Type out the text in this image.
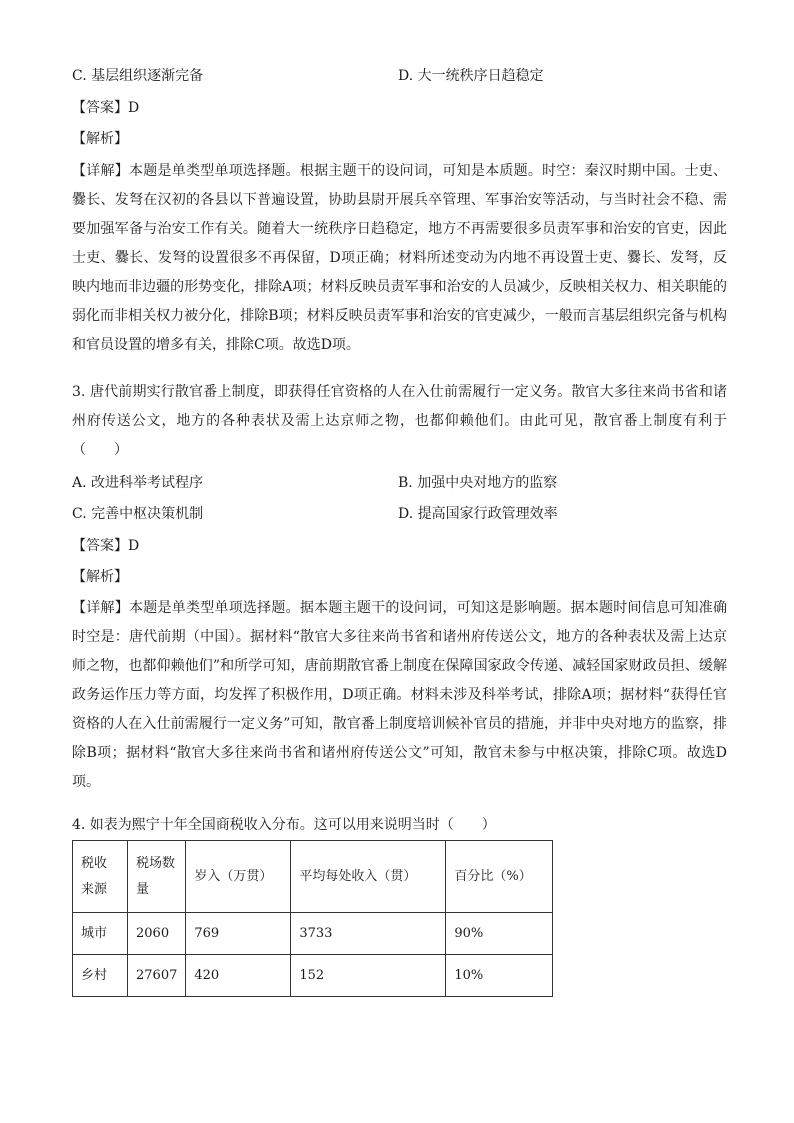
C. 基层组织逐渐完备	D. 大一统秩序日趋稳定
【答案】D
【解析】
【详解】本题是单类型单项选择题。根据主题干的设问词，可知是本质题。时空：秦汉时期中国。士吏、爨长、发弩在汉初的各县以下普遍设置，协助县尉开展兵卒管理、军事治安等活动，与当时社会不稳、需要加强军备与治安工作有关。随着大一统秩序日趋稳定，地方不再需要很多员责军事和治安的官吏，因此士吏、爨长、发弩的设置很多不再保留，D项正确；材料所述变动为内地不再设置士吏、爨长、发弩，反映内地而非边疆的形势变化，排除A项；材料反映员责军事和治安的人员减少，反映相关权力、相关职能的弱化而非相关权力被分化，排除B项；材料反映员责军事和治安的官吏减少，一般而言基层组织完备与机构和官员设置的增多有关，排除C项。故选D项。
3. 唐代前期实行散官番上制度，即获得任官资格的人在入仕前需履行一定义务。散官大多往来尚书省和诸州府传送公文，地方的各种表状及需上达京师之物，也都仰赖他们。由此可见，散官番上制度有利于（　　）
A. 改进科举考试程序	B. 加强中央对地方的监察
C. 完善中枢决策机制	D. 提高国家行政管理效率
【答案】D
【解析】
【详解】本题是单类型单项选择题。据本题主题干的设问词，可知这是影响题。据本题时间信息可知准确时空是：唐代前期（中国）。据材料“散官大多往来尚书省和诸州府传送公文，地方的各种表状及需上达京师之物，也都仰赖他们”和所学可知，唐前期散官番上制度在保障国家政令传递、减轻国家财政员担、缓解政务运作压力等方面，均发挥了积极作用，D项正确。材料未涉及科举考试，排除A项；据材料“获得任官资格的人在入仕前需履行一定义务”可知，散官番上制度培训候补官员的措施，并非中央对地方的监察，排除B项；据材料“散官大多往来尚书省和诸州府传送公文”可知，散官未参与中枢决策，排除C项。故选D项。
4. 如表为熙宁十年全国商税收入分布。这可以用来说明当时（　　）
税收来源	税场数量	岁入（万贯）	平均每处收入（贯）	百分比（%）
城市	2060	769	3733	90%
乡村	27607	420	152	10%
